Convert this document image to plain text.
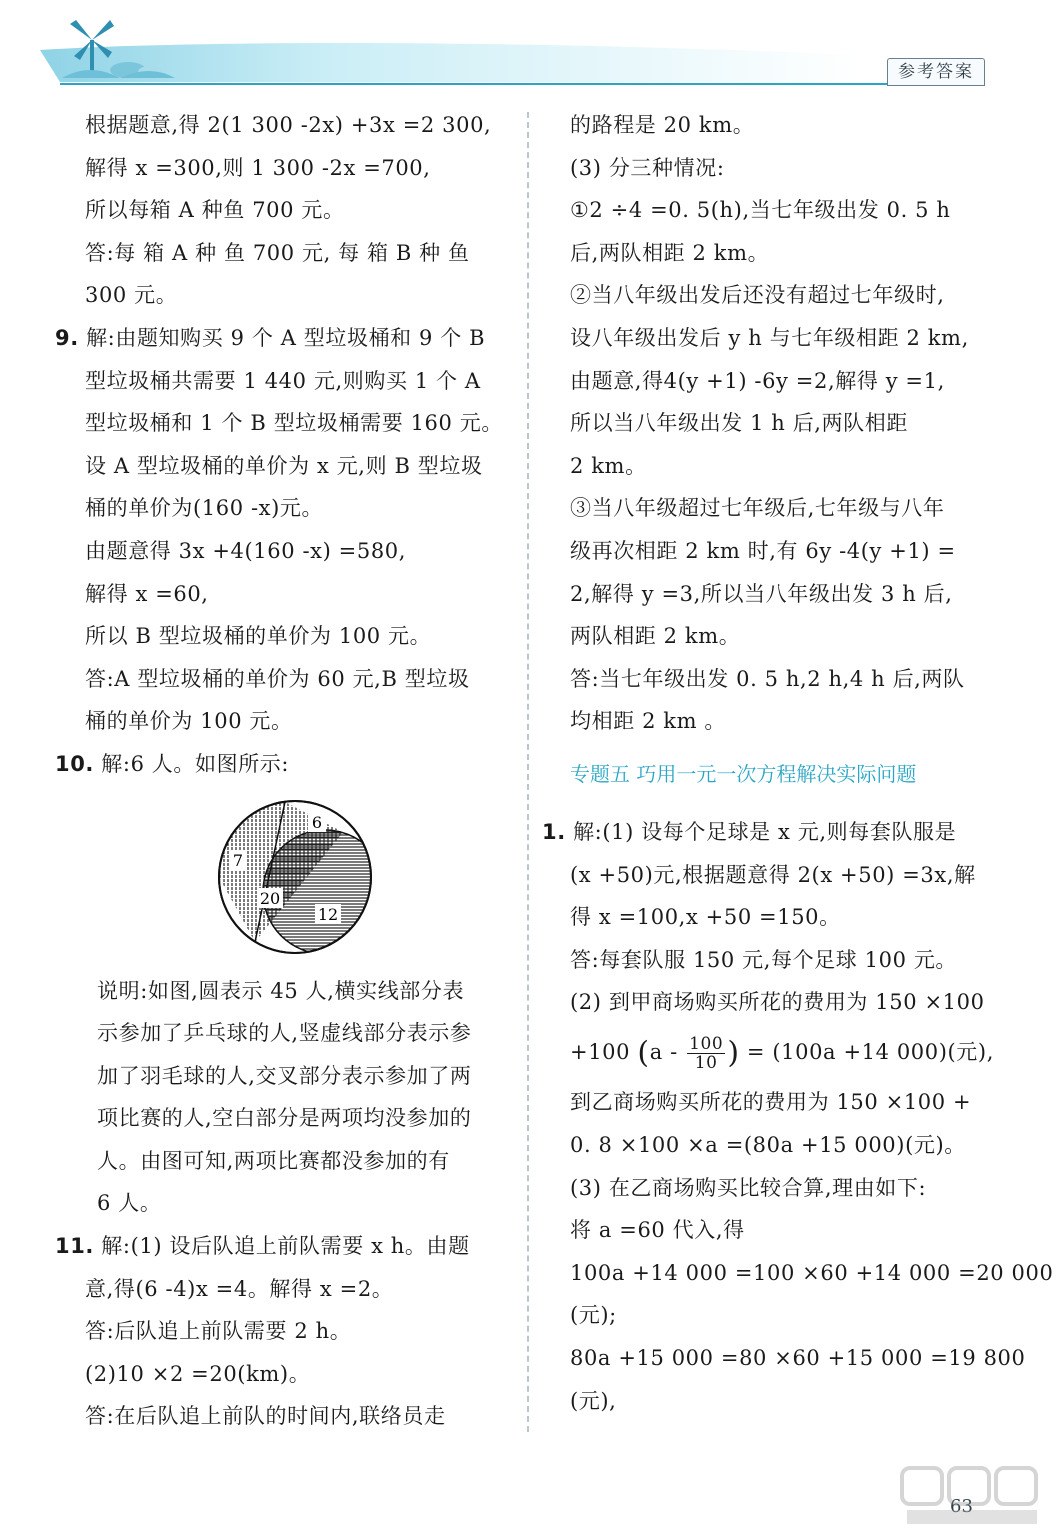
参考答案
根据题意,得 2(1 300 -2x) +3x =2 300,
解得 x =300,则 1 300 -2x =700,
所以每箱 A 种鱼 700 元。
答:每 箱 A 种 鱼 700 元, 每 箱 B 种 鱼
300 元。
9. 解:由题知购买 9 个 A 型垃圾桶和 9 个 B
型垃圾桶共需要 1 440 元,则购买 1 个 A
型垃圾桶和 1 个 B 型垃圾桶需要 160 元。
设 A 型垃圾桶的单价为 x 元,则 B 型垃圾
桶的单价为(160 -x)元。
由题意得 3x +4(160 -x) =580,
解得 x =60,
所以 B 型垃圾桶的单价为 100 元。
答:A 型垃圾桶的单价为 60 元,B 型垃圾
桶的单价为 100 元。
10. 解:6 人。如图所示:
6
7
20
12
说明:如图,圆表示 45 人,横实线部分表
示参加了乒乓球的人,竖虚线部分表示参
加了羽毛球的人,交叉部分表示参加了两
项比赛的人,空白部分是两项均没参加的
人。由图可知,两项比赛都没参加的有
6 人。
11. 解:(1) 设后队追上前队需要 x h。由题
意,得(6 -4)x =4。解得 x =2。
答:后队追上前队需要 2 h。
(2)10 ×2 =20(km)。
答:在后队追上前队的时间内,联络员走
的路程是 20 km。
(3) 分三种情况:
①2 ÷4 =0. 5(h),当七年级出发 0. 5 h
后,两队相距 2 km。
②当八年级出发后还没有超过七年级时,
设八年级出发后 y h 与七年级相距 2 km,
由题意,得4(y +1) -6y =2,解得 y =1,
所以当八年级出发 1 h 后,两队相距
2 km。
③当八年级超过七年级后,七年级与八年
级再次相距 2 km 时,有 6y -4(y +1) =
2,解得 y =3,所以当八年级出发 3 h 后,
两队相距 2 km。
答:当七年级出发 0. 5 h,2 h,4 h 后,两队
均相距 2 km 。
专题五 巧用一元一次方程解决实际问题
1. 解:(1) 设每个足球是 x 元,则每套队服是
(x +50)元,根据题意得 2(x +50) =3x,解
得 x =100,x +50 =150。
答:每套队服 150 元,每个足球 100 元。
(2) 到甲商场购买所花的费用为 150 ×100
+100 ($a - \frac{100}{10}$ ) = (100a +14 000)(元),
到乙商场购买所花的费用为 150 ×100 +
0. 8 ×100 ×a =(80a +15 000)(元)。
(3) 在乙商场购买比较合算,理由如下:
将 a =60 代入,得
100a +14 000 =100 ×60 +14 000 =20 000
(元);
80a +15 000 =80 ×60 +15 000 =19 800
(元),
63
